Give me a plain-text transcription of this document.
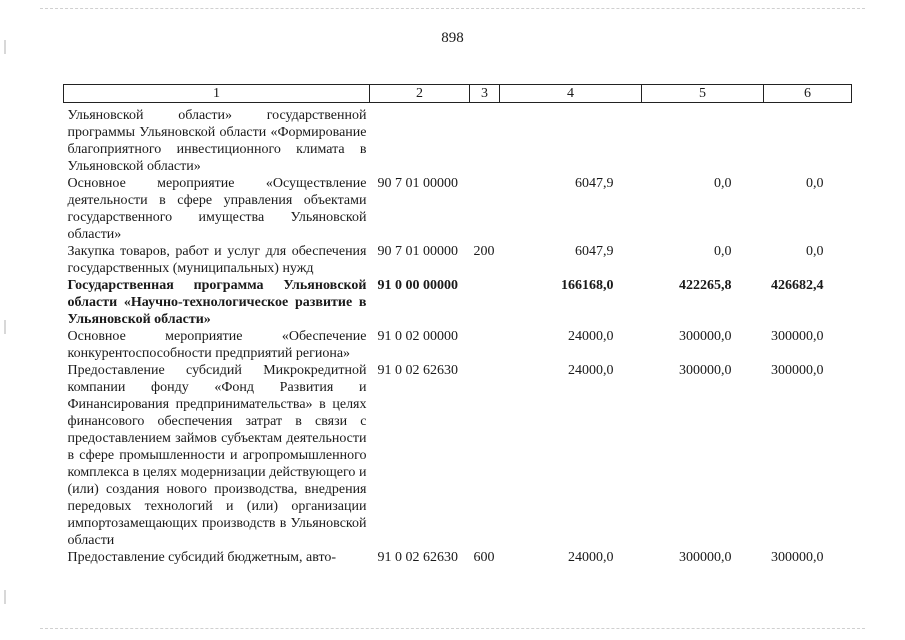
898
1	2	3	4	5	6

Ульяновской области» государственной программы Ульяновской области «Формирование благоприятного инвестиционного климата в Ульяновской области»					
Основное мероприятие «Осуществление деятельности в сфере управления объектами государственного имущества Ульяновской области»	90 7 01 00000		6047,9	0,0	0,0
Закупка товаров, работ и услуг для обеспечения государственных (муниципальных) нужд	90 7 01 00000	200	6047,9	0,0	0,0
Государственная программа Ульяновской области «Научно-технологическое развитие в Ульяновской области»	91 0 00 00000		166168,0	422265,8	426682,4
Основное мероприятие «Обеспечение конкурентоспособности предприятий региона»	91 0 02 00000		24000,0	300000,0	300000,0
Предоставление субсидий Микрокредитной компании фонду «Фонд Развития и Финансирования предпринимательства» в целях финансового обеспечения затрат в связи с предоставлением займов субъектам деятельности в сфере промышленности и агропромышленного комплекса в целях модернизации действующего и (или) создания нового производства, внедрения передовых технологий и (или) организации импортозамещающих производств в Ульяновской области	91 0 02 62630		24000,0	300000,0	300000,0
Предоставление субсидий бюджетным, авто-	91 0 02 62630	600	24000,0	300000,0	300000,0
